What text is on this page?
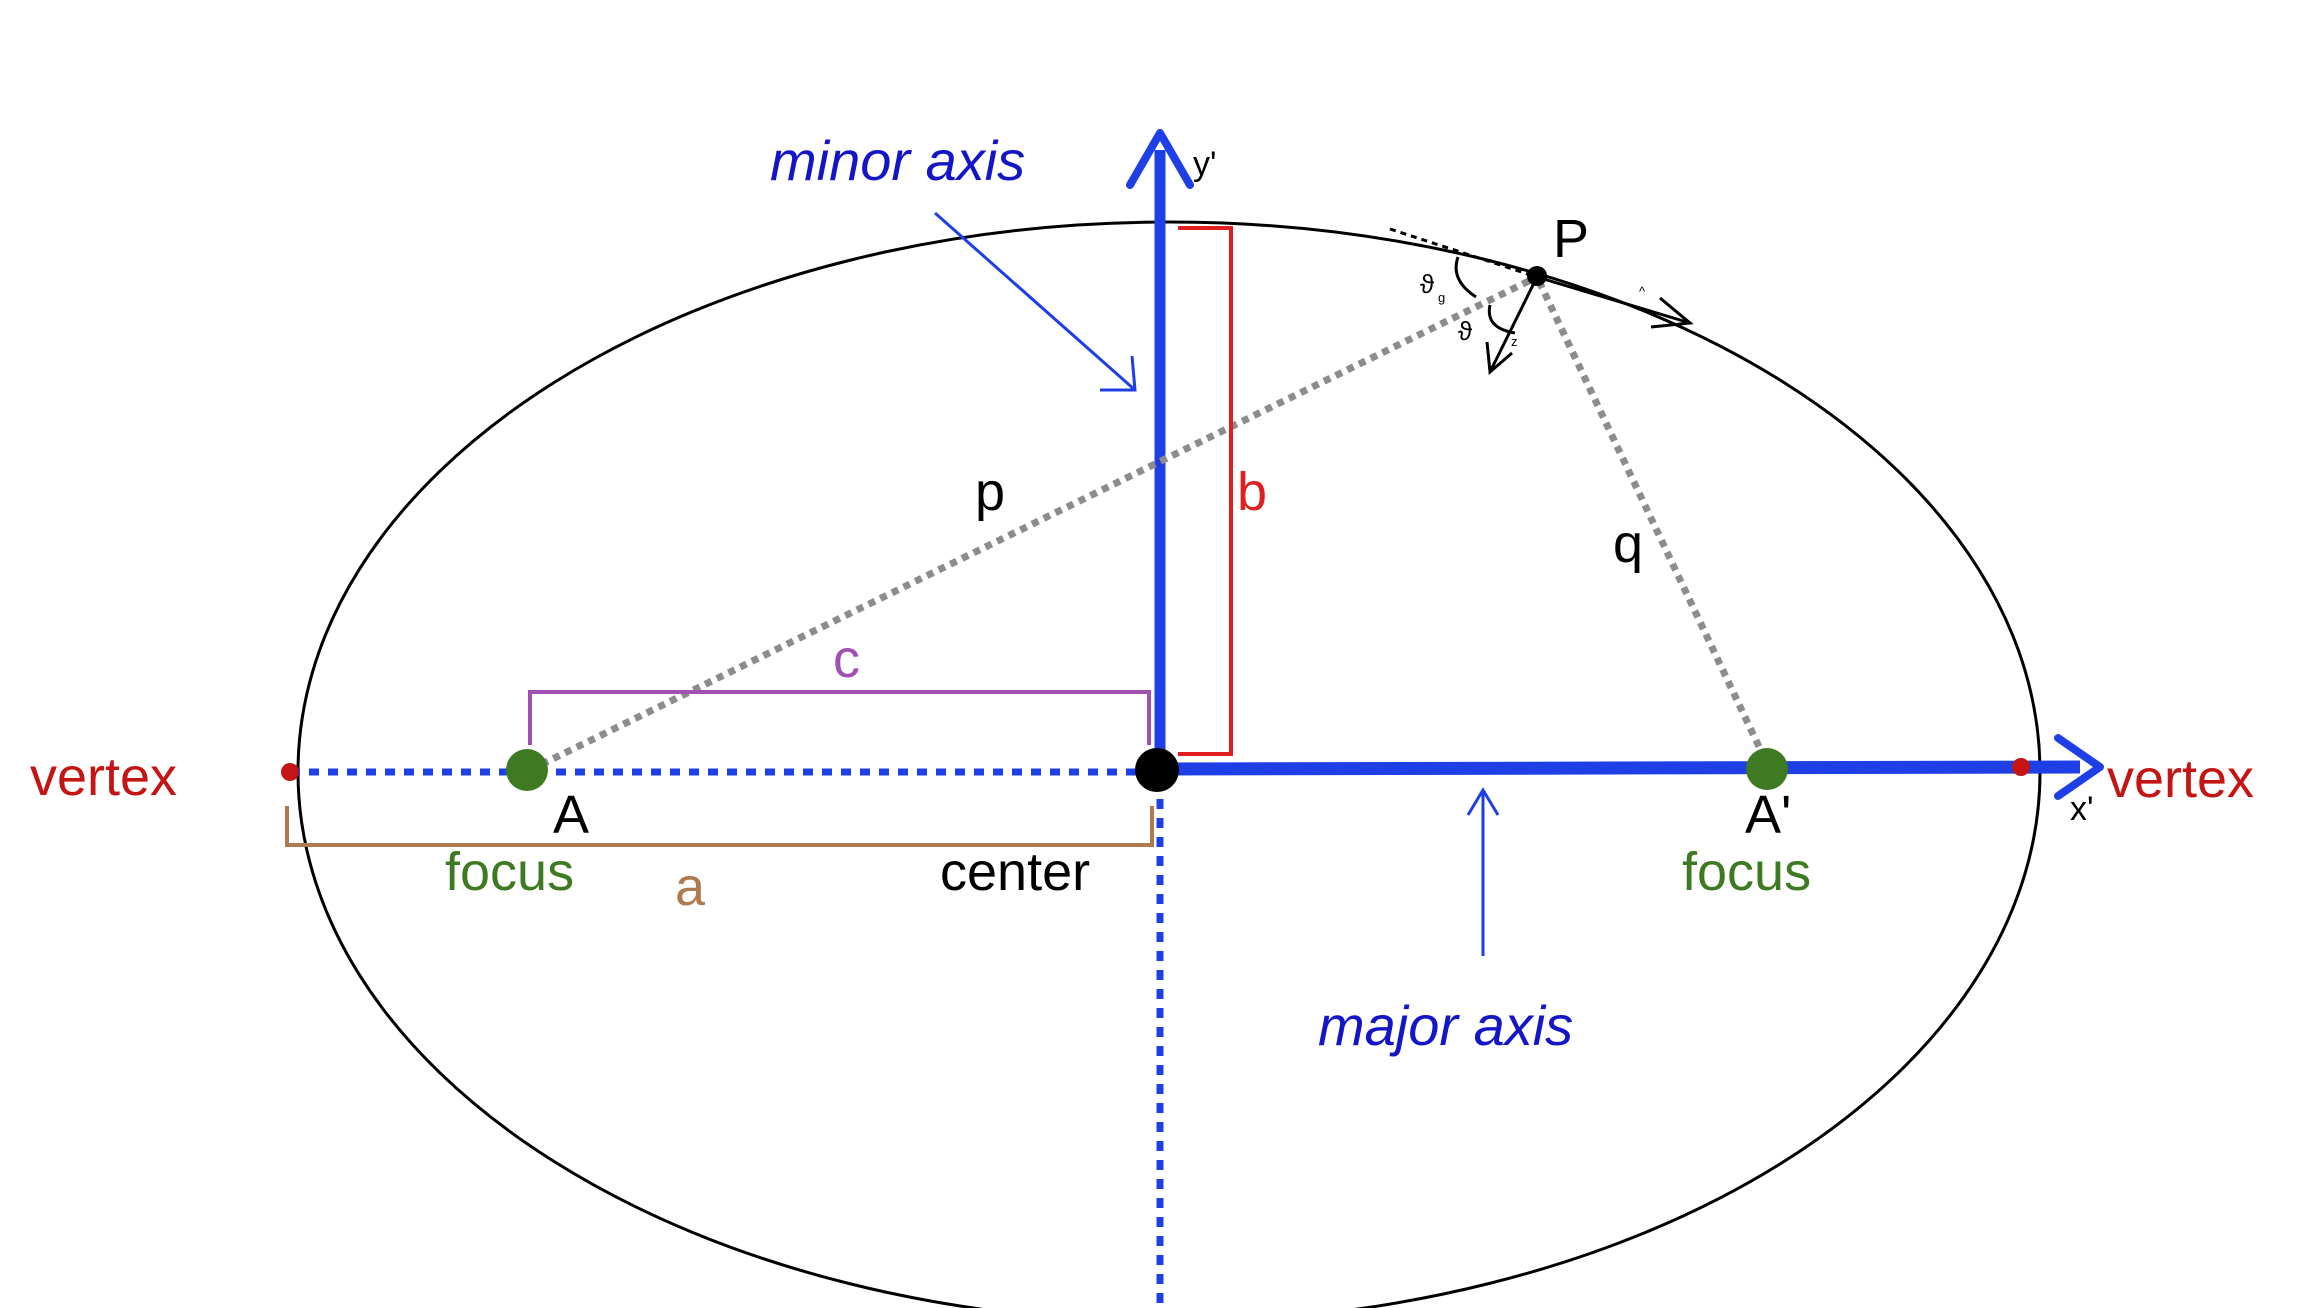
minor axis
major axis
y'
x'
vertex	vertex
A	A'
focus	focus
center
a
b
c
P
p
q
ϑ g
ϑ	z
^
